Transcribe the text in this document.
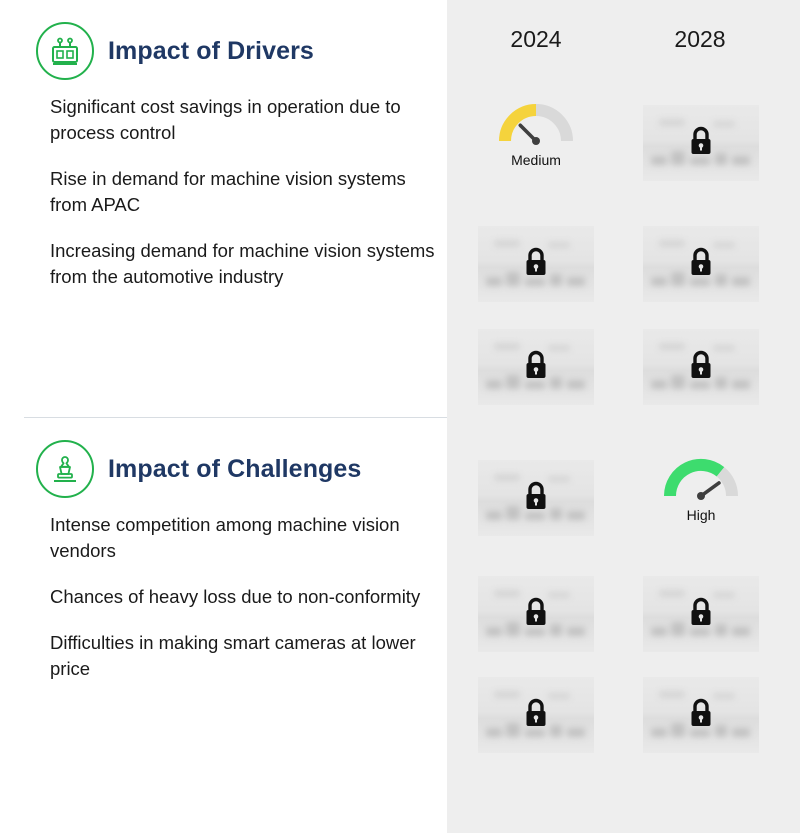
2024	2028
Impact of Drivers
Significant cost savings in operation due to process control
Rise in demand for machine vision systems from APAC
Increasing demand for machine vision systems from the automotive industry
Medium
Impact of Challenges
Intense competition among machine vision vendors
Chances of heavy loss due to non-conformity
Difficulties in making smart cameras at lower price
High
